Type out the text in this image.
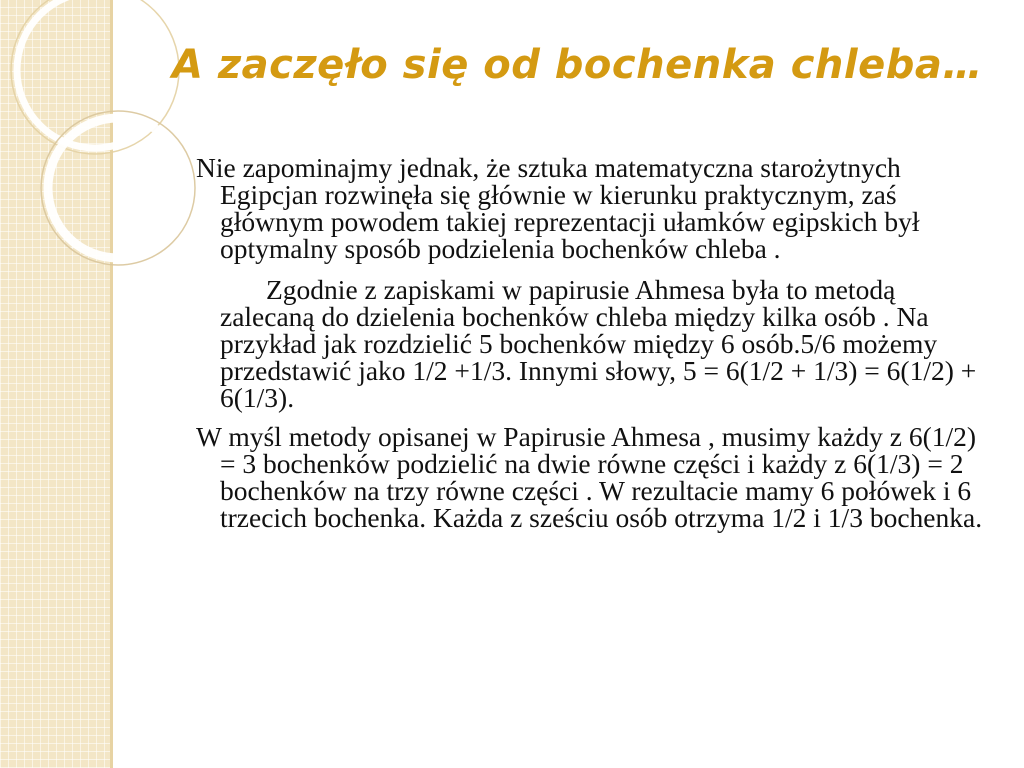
A zaczęło się od bochenka chleba…

Nie zapominajmy jednak, że sztuka matematyczna starożytnych Egipcjan rozwinęła się głównie w kierunku praktycznym, zaś głównym powodem takiej reprezentacji ułamków egipskich był optymalny sposób podzielenia bochenków chleba .

Zgodnie z zapiskami w papirusie Ahmesa była to metodą zalecaną do dzielenia bochenków chleba między kilka osób . Na przykład jak rozdzielić 5 bochenków między 6 osób.5/6 możemy przedstawić jako 1/2 +1/3. Innymi słowy, 5 = 6(1/2 + 1/3) = 6(1/2) + 6(1/3).

W myśl metody opisanej w Papirusie Ahmesa , musimy każdy z 6(1/2) = 3 bochenków podzielić na dwie równe części i każdy z 6(1/3) = 2 bochenków na trzy równe części . W rezultacie mamy 6 połówek i 6 trzecich bochenka. Każda z sześciu osób otrzyma 1/2 i 1/3 bochenka.
